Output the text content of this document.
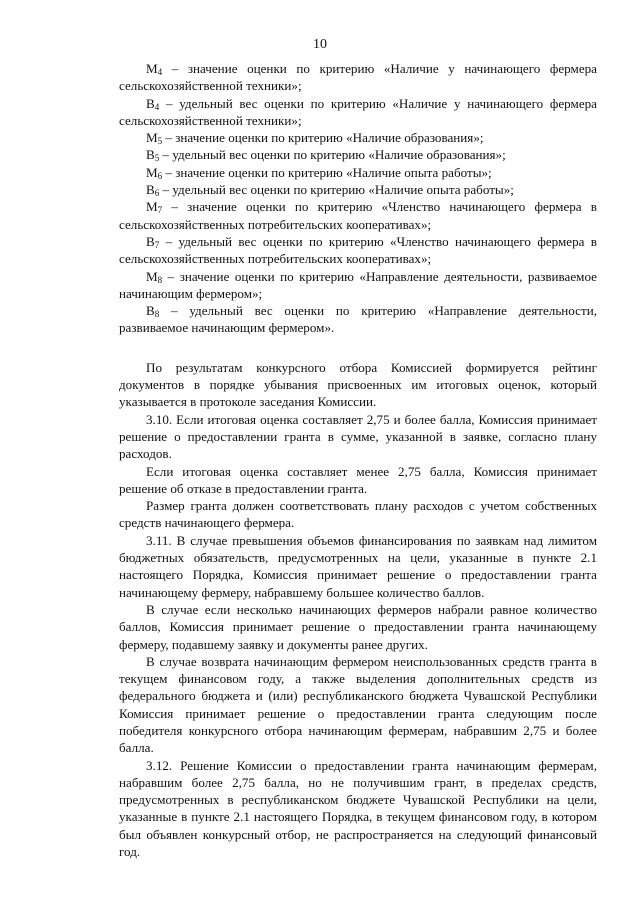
10

$M_4$ – значение оценки по критерию «Наличие у начинающего фермера сельскохозяйственной техники»;

$B_4$ – удельный вес оценки по критерию «Наличие у начинающего фермера сельскохозяйственной техники»;

$M_5$ – значение оценки по критерию «Наличие образования»;

$B_5$ – удельный вес оценки по критерию «Наличие образования»;

$M_6$ – значение оценки по критерию «Наличие опыта работы»;

$B_6$ – удельный вес оценки по критерию «Наличие опыта работы»;

$M_7$ – значение оценки по критерию «Членство начинающего фермера в сельскохозяйственных потребительских кооперативах»;

$B_7$ – удельный вес оценки по критерию «Членство начинающего фермера в сельскохозяйственных потребительских кооперативах»;

$M_8$ – значение оценки по критерию «Направление деятельности, развиваемое начинающим фермером»;

$B_8$ – удельный вес оценки по критерию «Направление деятельности, развиваемое начинающим фермером».

По результатам конкурсного отбора Комиссией формируется рейтинг документов в порядке убывания присвоенных им итоговых оценок, который указывается в протоколе заседания Комиссии.

3.10. Если итоговая оценка составляет 2,75 и более балла, Комиссия принимает решение о предоставлении гранта в сумме, указанной в заявке, согласно плану расходов.

Если итоговая оценка составляет менее 2,75 балла, Комиссия принимает решение об отказе в предоставлении гранта.

Размер гранта должен соответствовать плану расходов с учетом собственных средств начинающего фермера.

3.11. В случае превышения объемов финансирования по заявкам над лимитом бюджетных обязательств, предусмотренных на цели, указанные в пункте 2.1 настоящего Порядка, Комиссия принимает решение о предоставлении гранта начинающему фермеру, набравшему большее количество баллов.

В случае если несколько начинающих фермеров набрали равное количество баллов, Комиссия принимает решение о предоставлении гранта начинающему фермеру, подавшему заявку и документы ранее других.

В случае возврата начинающим фермером неиспользованных средств гранта в текущем финансовом году, а также выделения дополнительных средств из федерального бюджета и (или) республиканского бюджета Чувашской Республики Комиссия принимает решение о предоставлении гранта следующим после победителя конкурсного отбора начинающим фермерам, набравшим 2,75 и более балла.

3.12. Решение Комиссии о предоставлении гранта начинающим фермерам, набравшим более 2,75 балла, но не получившим грант, в пределах средств, предусмотренных в республиканском бюджете Чувашской Республики на цели, указанные в пункте 2.1 настоящего Порядка, в текущем финансовом году, в котором был объявлен конкурсный отбор, не распространяется на следующий финансовый год.
